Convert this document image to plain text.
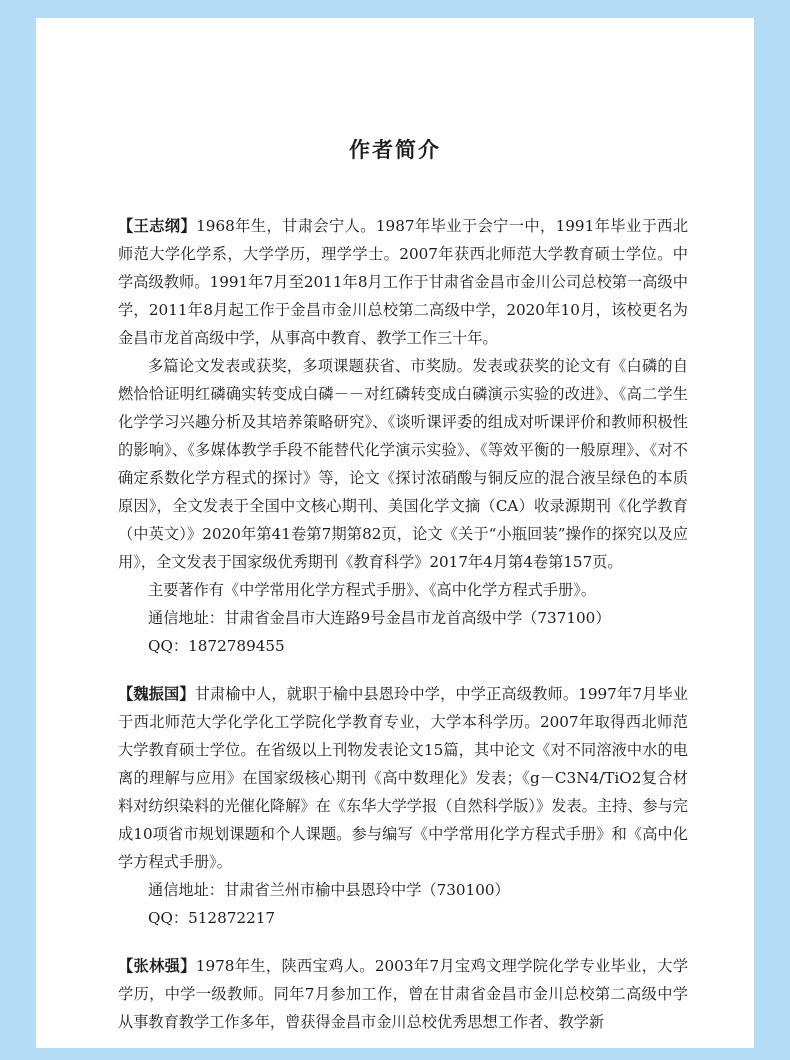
作者简介

【王志纲】1968年生，甘肃会宁人。1987年毕业于会宁一中，1991年毕业于西北师范大学化学系，大学学历，理学学士。2007年获西北师范大学教育硕士学位。中学高级教师。1991年7月至2011年8月工作于甘肃省金昌市金川公司总校第一高级中学，2011年8月起工作于金昌市金川总校第二高级中学，2020年10月，该校更名为金昌市龙首高级中学，从事高中教育、教学工作三十年。

多篇论文发表或获奖，多项课题获省、市奖励。发表或获奖的论文有《白磷的自燃恰恰证明红磷确实转变成白磷－－对红磷转变成白磷演示实验的改进》、《高二学生化学学习兴趣分析及其培养策略研究》、《谈听课评委的组成对听课评价和教师积极性的影响》、《多媒体教学手段不能替代化学演示实验》、《等效平衡的一般原理》、《对不确定系数化学方程式的探讨》等，论文《探讨浓硝酸与铜反应的混合液呈绿色的本质原因》，全文发表于全国中文核心期刊、美国化学文摘（CA）收录源期刊《化学教育（中英文）》2020年第41卷第7期第82页，论文《关于“小瓶回装”操作的探究以及应用》，全文发表于国家级优秀期刊《教育科学》2017年4月第4卷第157页。

主要著作有《中学常用化学方程式手册》、《高中化学方程式手册》。

通信地址：甘肃省金昌市大连路9号金昌市龙首高级中学（737100）

QQ：1872789455

【魏振国】甘肃榆中人，就职于榆中县恩玲中学，中学正高级教师。1997年7月毕业于西北师范大学化学化工学院化学教育专业，大学本科学历。2007年取得西北师范大学教育硕士学位。在省级以上刊物发表论文15篇，其中论文《对不同溶液中水的电离的理解与应用》在国家级核心期刊《高中数理化》发表；《g－C3N4/TiO2复合材料对纺织染料的光催化降解》在《东华大学学报（自然科学版）》发表。主持、参与完成10项省市规划课题和个人课题。参与编写《中学常用化学方程式手册》和《高中化学方程式手册》。

通信地址：甘肃省兰州市榆中县恩玲中学（730100）

QQ：512872217

【张林强】1978年生，陕西宝鸡人。2003年7月宝鸡文理学院化学专业毕业，大学学历，中学一级教师。同年7月参加工作，曾在甘肃省金昌市金川总校第二高级中学从事教育教学工作多年，曾获得金昌市金川总校优秀思想工作者、教学新
